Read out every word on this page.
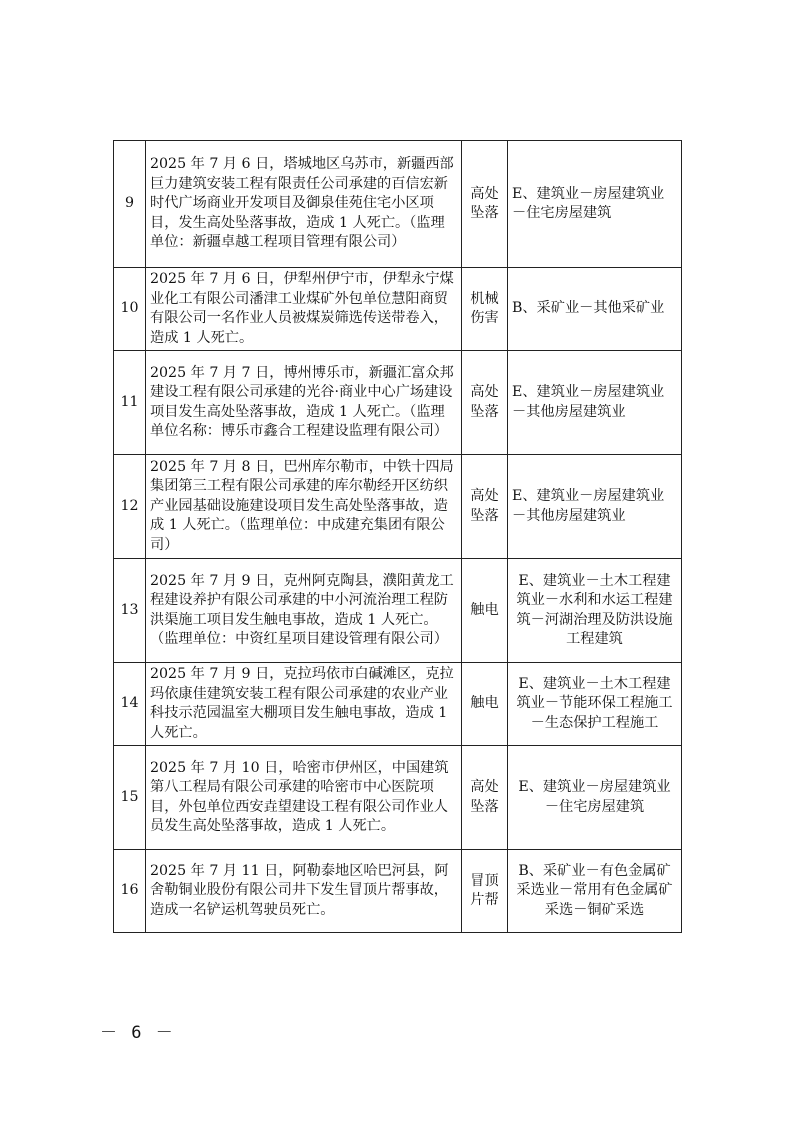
9	2025 年 7 月 6 日，塔城地区乌苏市，新疆西部巨力建筑安装工程有限责任公司承建的百信宏新时代广场商业开发项目及御泉佳苑住宅小区项目，发生高处坠落事故，造成 1 人死亡。（监理单位：新疆卓越工程项目管理有限公司）	高处坠落	E、建筑业－房屋建筑业－住宅房屋建筑
10	2025 年 7 月 6 日，伊犁州伊宁市，伊犁永宁煤业化工有限公司潘津工业煤矿外包单位慧阳商贸有限公司一名作业人员被煤炭筛选传送带卷入，造成 1 人死亡。	机械伤害	B、采矿业－其他采矿业
11	2025 年 7 月 7 日，博州博乐市，新疆汇富众邦建设工程有限公司承建的光谷·商业中心广场建设项目发生高处坠落事故，造成 1 人死亡。（监理单位名称：博乐市鑫合工程建设监理有限公司）	高处坠落	E、建筑业－房屋建筑业－其他房屋建筑业
12	2025 年 7 月 8 日，巴州库尔勒市，中铁十四局集团第三工程有限公司承建的库尔勒经开区纺织产业园基础设施建设项目发生高处坠落事故，造成 1 人死亡。（监理单位：中成建充集团有限公司）	高处坠落	E、建筑业－房屋建筑业－其他房屋建筑业
13	2025 年 7 月 9 日，克州阿克陶县，濮阳黄龙工程建设养护有限公司承建的中小河流治理工程防洪渠施工项目发生触电事故，造成 1 人死亡。（监理单位：中资红星项目建设管理有限公司）	触电	E、建筑业－土木工程建筑业－水利和水运工程建筑－河湖治理及防洪设施工程建筑
14	2025 年 7 月 9 日，克拉玛依市白碱滩区，克拉玛依康佳建筑安装工程有限公司承建的农业产业科技示范园温室大棚项目发生触电事故，造成 1 人死亡。	触电	E、建筑业－土木工程建筑业－节能环保工程施工－生态保护工程施工
15	2025 年 7 月 10 日，哈密市伊州区，中国建筑第八工程局有限公司承建的哈密市中心医院项目，外包单位西安垚望建设工程有限公司作业人员发生高处坠落事故，造成 1 人死亡。	高处坠落	E、建筑业－房屋建筑业－住宅房屋建筑
16	2025 年 7 月 11 日，阿勒泰地区哈巴河县，阿舍勒铜业股份有限公司井下发生冒顶片帮事故，造成一名铲运机驾驶员死亡。	冒顶片帮	B、采矿业－有色金属矿采选业－常用有色金属矿采选－铜矿采选
－ 6 －
